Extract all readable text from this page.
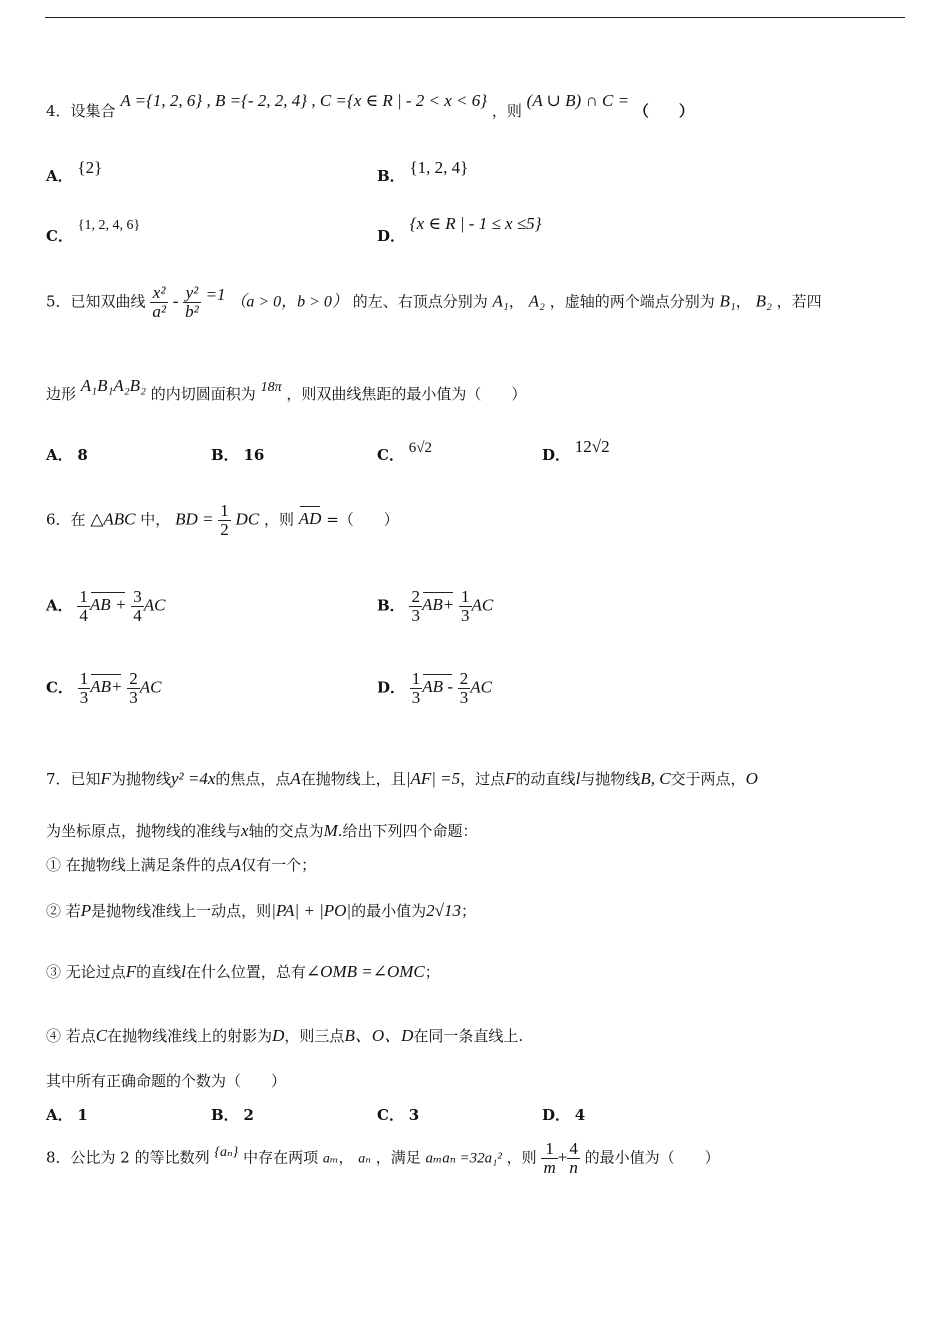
4．设集合 A ={1, 2, 6} , B ={- 2, 2, 4} , C ={x ∈ R | - 2 < x < 6} ，则 (A ∪ B) ∩ C = （　　）
A． {2}	B． {1, 2, 4}
C． {1, 2, 4, 6}
D． {x ∈ R | - 1 ≤ x ≤5}
5．已知双曲线 $\frac{\text{x²}}{\text{a²}} - \frac{\text{y²}}{\text{b²}} =1$ （a > 0，b > 0） 的左、右顶点分别为 A₁， A₂ ，虚轴的两个端点分别为 B₁， B₂ ，若四
边形 A₁B₁A₂B₂ 的内切圆面积为 18π ，则双曲线焦距的最小值为（　　）
A． 8	B． 16	C． 6√2	D． 12√2
6．在 △ABC 中， BD = $\frac{1}{2}$ DC ，则 AD =（　　）
A． $\frac{1}{4}$ AB + $\frac{3}{4}$ AC	B． $\frac{2}{3} AB+ \frac{1}{3}$ AC
C． $\frac{1}{3} AB+ \frac{2}{3}$ AC	D． $\frac{1}{3}$ AB - $\frac{2}{3}$ AC
7．已知F为抛物线y² =4x的焦点，点A在抛物线上，且|AF| =5，过点F的动直线l与抛物线B, C交于两点，O
为坐标原点，抛物线的准线与x轴的交点为M.给出下列四个命题：
① 在抛物线上满足条件的点A仅有一个；
② 若P是抛物线准线上一动点，则|PA| + |PO|的最小值为2√13；
③ 无论过点F的直线l在什么位置，总有∠OMB =∠OMC；
④ 若点C在抛物线准线上的射影为D，则三点B、O、D在同一条直线上.
其中所有正确命题的个数为（　　）
A． 1	B． 2	C． 3	D． 4
8．公比为 2 的等比数列 {aₙ} 中存在两项 aₘ， aₙ ，满足 aₘaₙ =32a₁² ，则 $\frac{1}{m} + \frac{4}{n}$ 的最小值为（　　）
